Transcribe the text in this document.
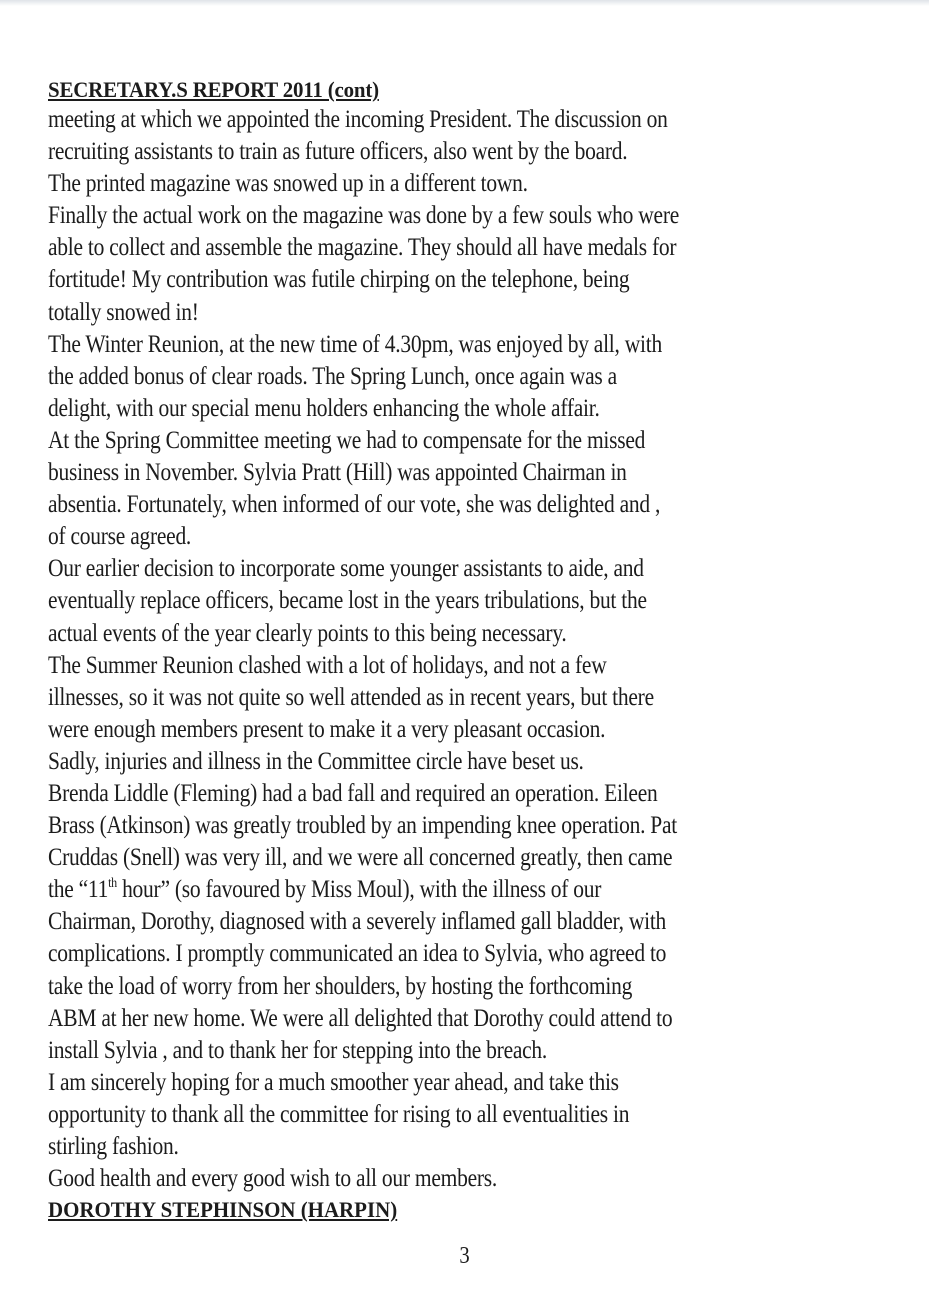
SECRETARY.S REPORT 2011 (cont)
meeting at which we appointed the incoming President. The discussion on
recruiting assistants to train as future officers, also went by the board.
The printed magazine was snowed up in a different town.
Finally the actual work on the magazine was done by a few souls who were
able to collect and assemble the magazine. They should all have medals for
fortitude! My contribution was futile chirping on the telephone, being
totally snowed in!
The Winter Reunion, at the new time of 4.30pm, was enjoyed by all, with
the added bonus of clear roads. The Spring Lunch, once again was a
delight, with our special menu holders enhancing the whole affair.
At the Spring Committee meeting we had to compensate for the missed
business in November. Sylvia Pratt (Hill) was appointed Chairman in
absentia. Fortunately, when informed of our vote, she was delighted and ,
of course agreed.
Our earlier decision to incorporate some younger assistants to aide, and
eventually replace officers, became lost in the years tribulations, but the
actual events of the year clearly points to this being necessary.
The Summer Reunion clashed with a lot of holidays, and not a few
illnesses, so it was not quite so well attended as in recent years, but there
were enough members present to make it a very pleasant occasion.
Sadly, injuries and illness in the Committee circle have beset us.
Brenda Liddle (Fleming) had a bad fall and required an operation. Eileen
Brass (Atkinson) was greatly troubled by an impending knee operation. Pat
Cruddas (Snell) was very ill, and we were all concerned greatly, then came
the “11th hour” (so favoured by Miss Moul), with the illness of our
Chairman, Dorothy, diagnosed with a severely inflamed gall bladder, with
complications. I promptly communicated an idea to Sylvia, who agreed to
take the load of worry from her shoulders, by hosting the forthcoming
ABM at her new home. We were all delighted that Dorothy could attend to
install Sylvia , and to thank her for stepping into the breach.
I am sincerely hoping for a much smoother year ahead, and take this
opportunity to thank all the committee for rising to all eventualities in
stirling fashion.
Good health and every good wish to all our members.
DOROTHY STEPHINSON (HARPIN)
3
